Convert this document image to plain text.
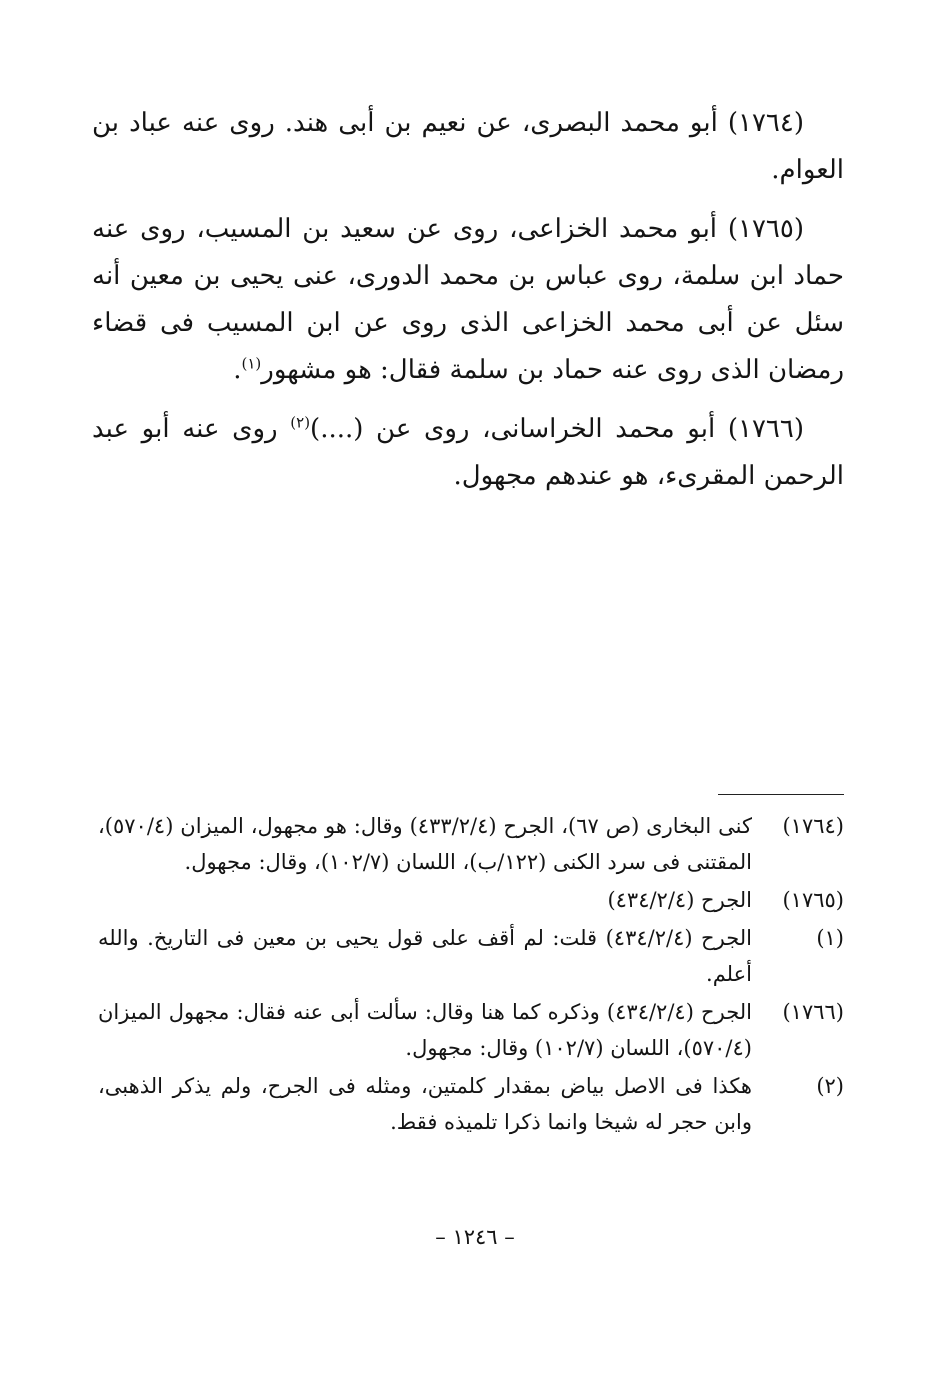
(١٧٦٤) أبو محمد البصرى، عن نعيم بن أبى هند. روى عنه عباد بن العوام.

(١٧٦٥) أبو محمد الخزاعى، روى عن سعيد بن المسيب، روى عنه حماد ابن سلمة، روى عباس بن محمد الدورى، عنى يحيى بن معين أنه سئل عن أبى محمد الخزاعى الذى روى عن ابن المسيب فى قضاء رمضان الذى روى عنه حماد بن سلمة فقال: هو مشهور$^{(١)}$.

(١٧٦٦) أبو محمد الخراسانى، روى عن (....)$^{(٢)}$ روى عنه أبو عبد الرحمن المقرىء، هو عندهم مجهول.

(١٧٦٤)
كنى البخارى (ص ٦٧)، الجرح (٤٣٣/٢/٤) وقال: هو مجهول، الميزان (٥٧٠/٤)، المقتنى فى سرد الكنى (١٢٢/ب)، اللسان (١٠٢/٧)، وقال: مجهول.
(١٧٦٥)
الجرح (٤٣٤/٢/٤)
(١)
الجرح (٤٣٤/٢/٤) قلت: لم أقف على قول يحيى بن معين فى التاريخ. والله أعلم.
(١٧٦٦)
الجرح (٤٣٤/٢/٤) وذكره كما هنا وقال: سألت أبى عنه فقال: مجهول الميزان (٥٧٠/٤)، اللسان (١٠٢/٧) وقال: مجهول.
(٢)
هكذا فى الاصل بياض بمقدار كلمتين، ومثله فى الجرح، ولم يذكر الذهبى، وابن حجر له شيخا وانما ذكرا تلميذه فقط.
– ١٢٤٦ –
